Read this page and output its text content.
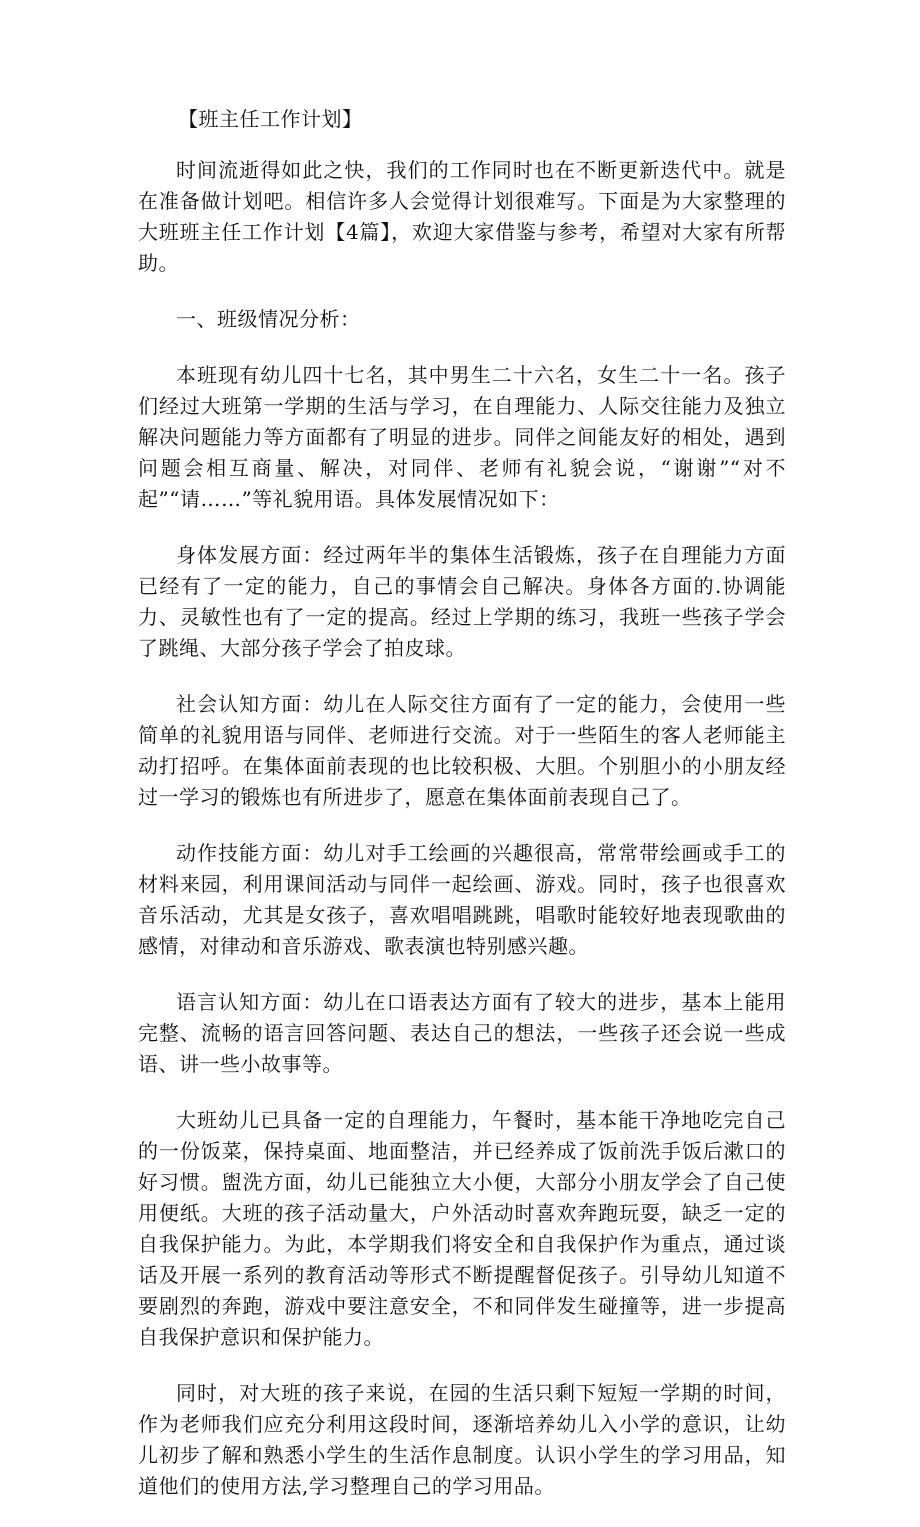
【班主任工作计划】

时间流逝得如此之快，我们的工作同时也在不断更新迭代中。就是在准备做计划吧。相信许多人会觉得计划很难写。下面是为大家整理的大班班主任工作计划【4篇】，欢迎大家借鉴与参考，希望对大家有所帮助。

一、班级情况分析：

本班现有幼儿四十七名，其中男生二十六名，女生二十一名。孩子们经过大班第一学期的生活与学习，在自理能力、人际交往能力及独立解决问题能力等方面都有了明显的进步。同伴之间能友好的相处，遇到问题会相互商量、解决，对同伴、老师有礼貌会说，“谢谢”“对不起”“请……”等礼貌用语。具体发展情况如下：

身体发展方面：经过两年半的集体生活锻炼，孩子在自理能力方面已经有了一定的能力，自己的事情会自己解决。身体各方面的.协调能力、灵敏性也有了一定的提高。经过上学期的练习，我班一些孩子学会了跳绳、大部分孩子学会了拍皮球。

社会认知方面：幼儿在人际交往方面有了一定的能力，会使用一些简单的礼貌用语与同伴、老师进行交流。对于一些陌生的客人老师能主动打招呼。在集体面前表现的也比较积极、大胆。个别胆小的小朋友经过一学习的锻炼也有所进步了，愿意在集体面前表现自己了。

动作技能方面：幼儿对手工绘画的兴趣很高，常常带绘画或手工的材料来园，利用课间活动与同伴一起绘画、游戏。同时，孩子也很喜欢音乐活动，尤其是女孩子，喜欢唱唱跳跳，唱歌时能较好地表现歌曲的感情，对律动和音乐游戏、歌表演也特别感兴趣。

语言认知方面：幼儿在口语表达方面有了较大的进步，基本上能用完整、流畅的语言回答问题、表达自己的想法，一些孩子还会说一些成语、讲一些小故事等。

大班幼儿已具备一定的自理能力，午餐时，基本能干净地吃完自己的一份饭菜，保持桌面、地面整洁，并已经养成了饭前洗手饭后漱口的好习惯。盥洗方面，幼儿已能独立大小便，大部分小朋友学会了自己使用便纸。大班的孩子活动量大，户外活动时喜欢奔跑玩耍，缺乏一定的自我保护能力。为此，本学期我们将安全和自我保护作为重点，通过谈话及开展一系列的教育活动等形式不断提醒督促孩子。引导幼儿知道不要剧烈的奔跑，游戏中要注意安全，不和同伴发生碰撞等，进一步提高自我保护意识和保护能力。

同时，对大班的孩子来说，在园的生活只剩下短短一学期的时间，作为老师我们应充分利用这段时间，逐渐培养幼儿入小学的意识，让幼儿初步了解和熟悉小学生的生活作息制度。认识小学生的学习用品，知道他们的使用方法,学习整理自己的学习用品。
